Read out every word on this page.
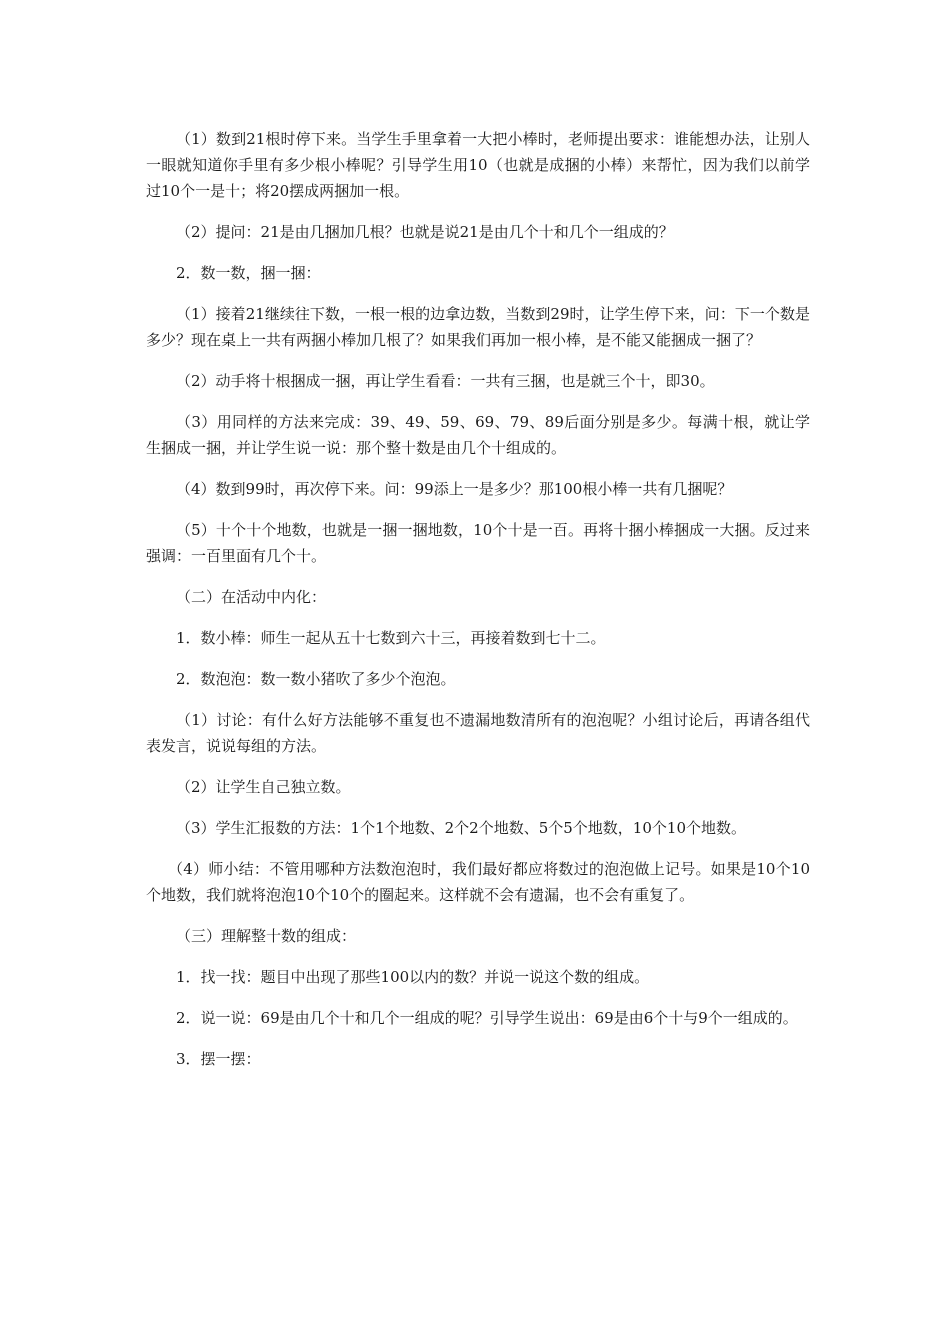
（1）数到21根时停下来。当学生手里拿着一大把小棒时，老师提出要求：谁能想办法，让别人一眼就知道你手里有多少根小棒呢？引导学生用10（也就是成捆的小棒）来帮忙，因为我们以前学过10个一是十；将20摆成两捆加一根。

（2）提问：21是由几捆加几根？也就是说21是由几个十和几个一组成的？

2．数一数，捆一捆：

（1）接着21继续往下数，一根一根的边拿边数，当数到29时，让学生停下来，问：下一个数是多少？现在桌上一共有两捆小棒加几根了？如果我们再加一根小棒，是不能又能捆成一捆了？

（2）动手将十根捆成一捆，再让学生看看：一共有三捆，也是就三个十，即30。

（3）用同样的方法来完成：39、49、59、69、79、89后面分别是多少。每满十根，就让学生捆成一捆，并让学生说一说：那个整十数是由几个十组成的。

（4）数到99时，再次停下来。问：99添上一是多少？那100根小棒一共有几捆呢？

（5）十个十个地数，也就是一捆一捆地数，10个十是一百。再将十捆小棒捆成一大捆。反过来强调：一百里面有几个十。

（二）在活动中内化：

1．数小棒：师生一起从五十七数到六十三，再接着数到七十二。

2．数泡泡：数一数小猪吹了多少个泡泡。

（1）讨论：有什么好方法能够不重复也不遗漏地数清所有的泡泡呢？小组讨论后，再请各组代表发言，说说每组的方法。

（2）让学生自己独立数。

（3）学生汇报数的方法：1个1个地数、2个2个地数、5个5个地数，10个10个地数。

（4）师小结：不管用哪种方法数泡泡时，我们最好都应将数过的泡泡做上记号。如果是10个10个地数，我们就将泡泡10个10个的圈起来。这样就不会有遗漏，也不会有重复了。

（三）理解整十数的组成：

1．找一找：题目中出现了那些100以内的数？并说一说这个数的组成。

2．说一说：69是由几个十和几个一组成的呢？引导学生说出：69是由6个十与9个一组成的。

3．摆一摆：
